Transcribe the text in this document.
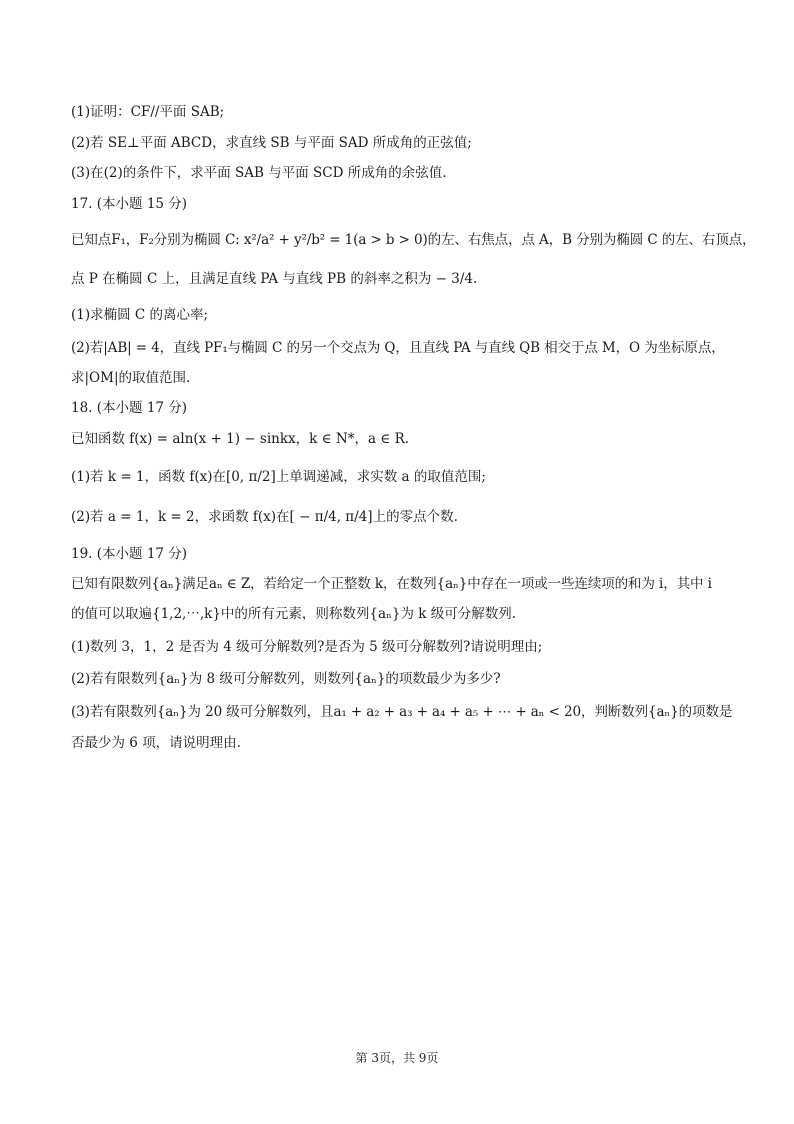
(1)证明：CF//平面 SAB;
(2)若 SE⊥平面 ABCD，求直线 SB 与平面 SAD 所成角的正弦值;
(3)在(2)的条件下，求平面 SAB 与平面 SCD 所成角的余弦值.
17. (本小题 15 分)
已知点F₁，F₂分别为椭圆 C: x²/a² + y²/b² = 1(a > b > 0)的左、右焦点，点 A，B 分别为椭圆 C 的左、右顶点，
点 P 在椭圆 C 上，且满足直线 PA 与直线 PB 的斜率之积为 − 3/4.
(1)求椭圆 C 的离心率;
(2)若|AB| = 4，直线 PF₁与椭圆 C 的另一个交点为 Q，且直线 PA 与直线 QB 相交于点 M，O 为坐标原点，
求|OM|的取值范围.
18. (本小题 17 分)
已知函数 f(x) = aln(x + 1) − sinkx，k ∈ N*，a ∈ R.
(1)若 k = 1，函数 f(x)在[0, π/2]上单调递减，求实数 a 的取值范围;
(2)若 a = 1，k = 2，求函数 f(x)在[ − π/4, π/4]上的零点个数.
19. (本小题 17 分)
已知有限数列{aₙ}满足aₙ ∈ Z，若给定一个正整数 k，在数列{aₙ}中存在一项或一些连续项的和为 i，其中 i
的值可以取遍{1,2,⋯,k}中的所有元素，则称数列{aₙ}为 k 级可分解数列.
(1)数列 3，1，2 是否为 4 级可分解数列?是否为 5 级可分解数列?请说明理由;
(2)若有限数列{aₙ}为 8 级可分解数列，则数列{aₙ}的项数最少为多少?
(3)若有限数列{aₙ}为 20 级可分解数列，且a₁ + a₂ + a₃ + a₄ + a₅ + ⋯ + aₙ < 20，判断数列{aₙ}的项数是
否最少为 6 项，请说明理由.
第 3页，共 9页
